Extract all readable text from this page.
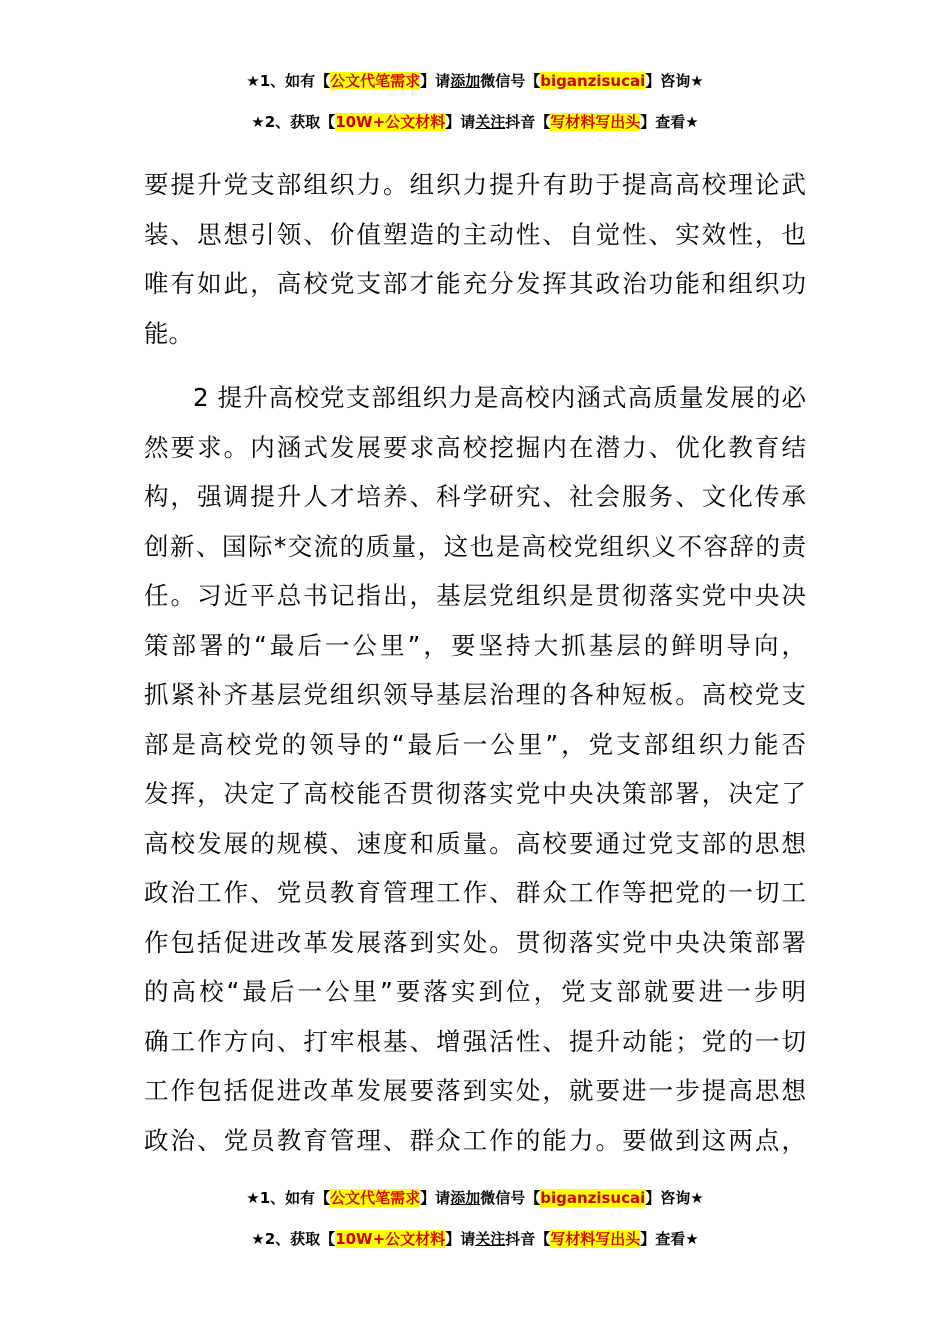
★1、如有【公文代笔需求】请添加微信号【biganzisucai】咨询★
★2、获取【10W+公文材料】请关注抖音【写材料写出头】查看★
要提升党支部组织力。组织力提升有助于提高高校理论武
装、思想引领、价值塑造的主动性、自觉性、实效性，也
唯有如此，高校党支部才能充分发挥其政治功能和组织功
能。
2 提升高校党支部组织力是高校内涵式高质量发展的必
然要求。内涵式发展要求高校挖掘内在潜力、优化教育结
构，强调提升人才培养、科学研究、社会服务、文化传承
创新、国际*交流的质量，这也是高校党组织义不容辞的责
任。习近平总书记指出，基层党组织是贯彻落实党中央决
策部署的“最后一公里”，要坚持大抓基层的鲜明导向，
抓紧补齐基层党组织领导基层治理的各种短板。高校党支
部是高校党的领导的“最后一公里”，党支部组织力能否
发挥，决定了高校能否贯彻落实党中央决策部署，决定了
高校发展的规模、速度和质量。高校要通过党支部的思想
政治工作、党员教育管理工作、群众工作等把党的一切工
作包括促进改革发展落到实处。贯彻落实党中央决策部署
的高校“最后一公里”要落实到位，党支部就要进一步明
确工作方向、打牢根基、增强活性、提升动能；党的一切
工作包括促进改革发展要落到实处，就要进一步提高思想
政治、党员教育管理、群众工作的能力。要做到这两点，
★1、如有【公文代笔需求】请添加微信号【biganzisucai】咨询★
★2、获取【10W+公文材料】请关注抖音【写材料写出头】查看★
